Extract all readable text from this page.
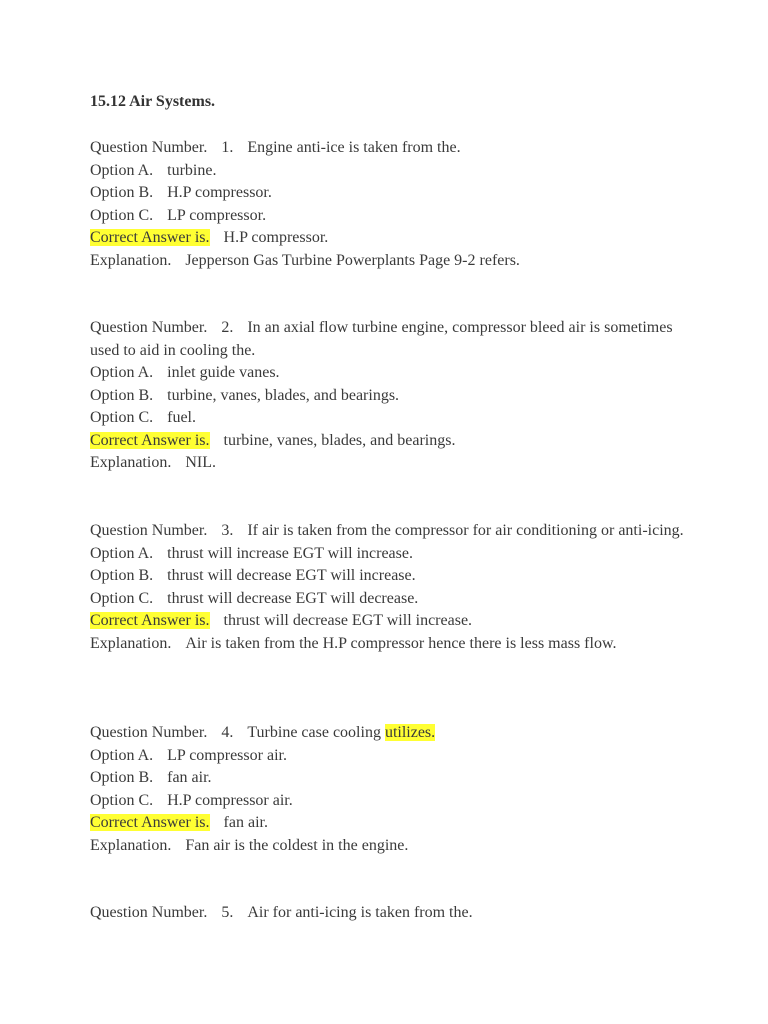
15.12 Air Systems.
Question Number. 1. Engine anti-ice is taken from the.
Option A. turbine.
Option B. H.P compressor.
Option C. LP compressor.
Correct Answer is. H.P compressor.
Explanation. Jepperson Gas Turbine Powerplants Page 9-2 refers.
Question Number. 2. In an axial flow turbine engine, compressor bleed air is sometimes used to aid in cooling the.
Option A. inlet guide vanes.
Option B. turbine, vanes, blades, and bearings.
Option C. fuel.
Correct Answer is. turbine, vanes, blades, and bearings.
Explanation. NIL.
Question Number. 3. If air is taken from the compressor for air conditioning or anti-icing.
Option A. thrust will increase EGT will increase.
Option B. thrust will decrease EGT will increase.
Option C. thrust will decrease EGT will decrease.
Correct Answer is. thrust will decrease EGT will increase.
Explanation. Air is taken from the H.P compressor hence there is less mass flow.
Question Number. 4. Turbine case cooling utilizes.
Option A. LP compressor air.
Option B. fan air.
Option C. H.P compressor air.
Correct Answer is. fan air.
Explanation. Fan air is the coldest in the engine.
Question Number. 5. Air for anti-icing is taken from the.
